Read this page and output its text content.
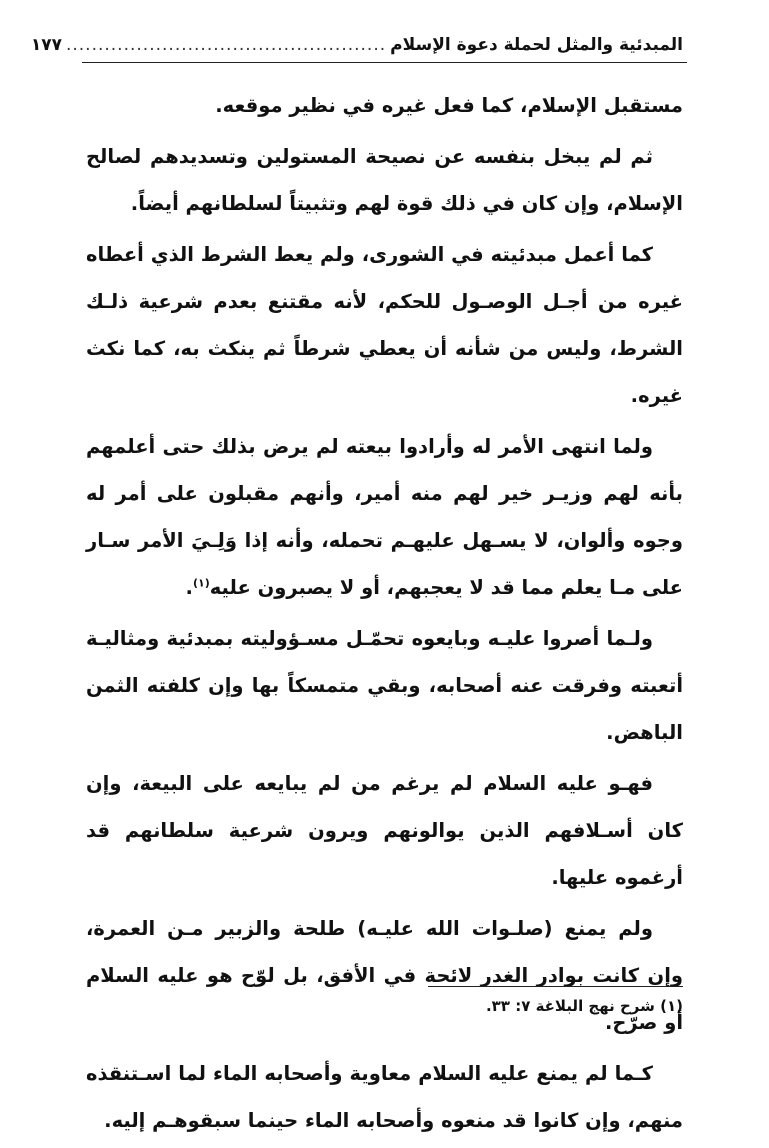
المبدئية والمثل لحملة دعوة الإسلام
..................................................
١٧٧

مستقبل الإسلام، كما فعل غيره في نظير موقعه.

ثم لم يبخل بنفسه عن نصيحة المستولين وتسديدهم لصالح الإسلام، وإن كان في ذلك قوة لهم وتثبيتاً لسلطانهم أيضاً.

كما أعمل مبدئيته في الشورى، ولم يعط الشرط الذي أعطاه غيره من أجـل الوصـول للحكم، لأنه مقتنع بعدم شرعية ذلـك الشرط، وليس من شأنه أن يعطي شرطاً ثم ينكث به، كما نكث غيره.

ولما انتهى الأمر له وأرادوا بيعته لم يرض بذلك حتى أعلمهم بأنه لهم وزيـر خير لهم منه أمير، وأنهم مقبلون على أمر له وجوه وألوان، لا يسـهل عليهـم تحمله، وأنه إذا وَلِـيَ الأمر سـار على مـا يعلم مما قد لا يعجبهم، أو لا يصبرون عليه$^{(١)}$.

ولـما أصروا عليـه وبايعوه تحمّـل مسـؤوليته بمبدئية ومثاليـة أتعبته وفرقت عنه أصحابه، وبقي متمسكاً بها وإن كلفته الثمن الباهض.

فهـو عليه السلام لم يرغم من لم يبايعه على البيعة، وإن كان أسـلافهم الذين يوالونهم ويرون شرعية سلطانهم قد أرغموه عليها.

ولم يمنع (صلـوات الله عليـه) طلحة والزبير مـن العمرة، وإن كانت بوادر الغدر لائحة في الأفق، بل لوّح هو عليه السلام أو صرّح.

كـما لم يمنع عليه السلام معاوية وأصحابه الماء لما اسـتنقذه منهم، وإن كانوا قد منعوه وأصحابه الماء حينما سبقوهـم إليه.

(١) شرح نهج البلاغة ٧: ٣٣.
